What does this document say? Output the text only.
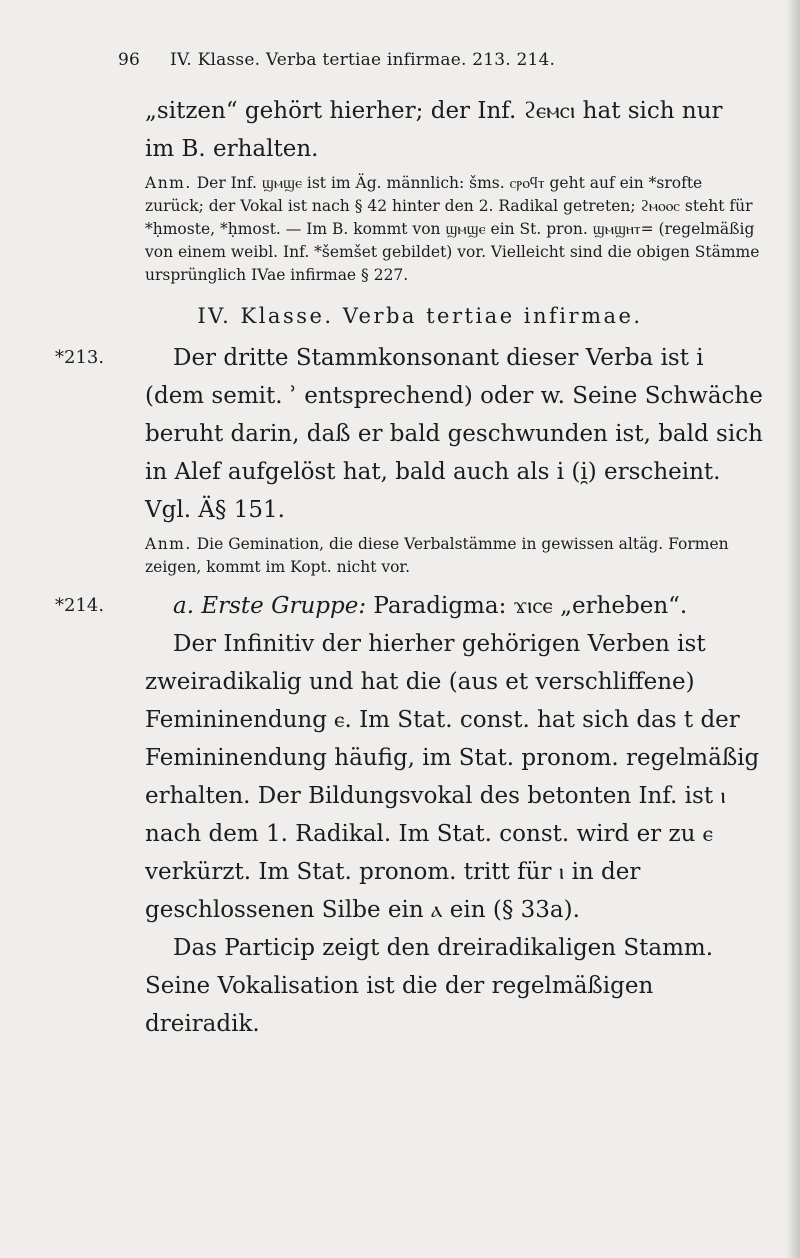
96 IV. Klasse. Verba tertiae infirmae. 213. 214.

„sitzen“ gehört hierher; der Inf. ϩⲉⲙⲥⲓ hat sich nur

im B. erhalten.

Anm. Der Inf. ϣⲙϣⲉ ist im Äg. männlich: šms. ⲥⲣⲟϥⲧ geht auf ein *srofte zurück; der Vokal ist nach § 42 hinter den 2. Radikal getreten; ϩⲙⲟⲟⲥ steht für *ḥmoste, *ḥmost. — Im B. kommt von ϣⲙϣⲉ ein St. pron. ϣⲙϣⲏⲧ= (regelmäßig von einem weibl. Inf. *šemšet gebildet) vor. Vielleicht sind die obigen Stämme ursprünglich IVae infirmae § 227.
IV. Klasse. Verba tertiae infirmae.
*213.	Der dritte Stammkonsonant dieser Verba ist i (dem semit. ʾ entsprechend) oder w. Seine Schwäche beruht darin, daß er bald geschwunden ist, bald sich in Alef aufgelöst hat, bald auch als i (i̯) erscheint. Vgl. Ä§ 151.

Anm. Die Gemination, die diese Verbalstämme in gewissen altäg. Formen zeigen, kommt im Kopt. nicht vor.
*214.	a. Erste Gruppe: Paradigma: ϫⲓⲥⲉ „erheben“.

Der Infinitiv der hierher gehörigen Verben ist zweiradikalig und hat die (aus et verschliffene) Femininendung ⲉ. Im Stat. const. hat sich das t der Femininendung häufig, im Stat. pronom. regelmäßig erhalten. Der Bildungsvokal des betonten Inf. ist ⲓ nach dem 1. Radikal. Im Stat. const. wird er zu ⲉ verkürzt. Im Stat. pronom. tritt für ⲓ in der geschlossenen Silbe ein ⲁ ein (§ 33a).

Das Particip zeigt den dreiradikaligen Stamm. Seine Vokalisation ist die der regelmäßigen dreiradik.
